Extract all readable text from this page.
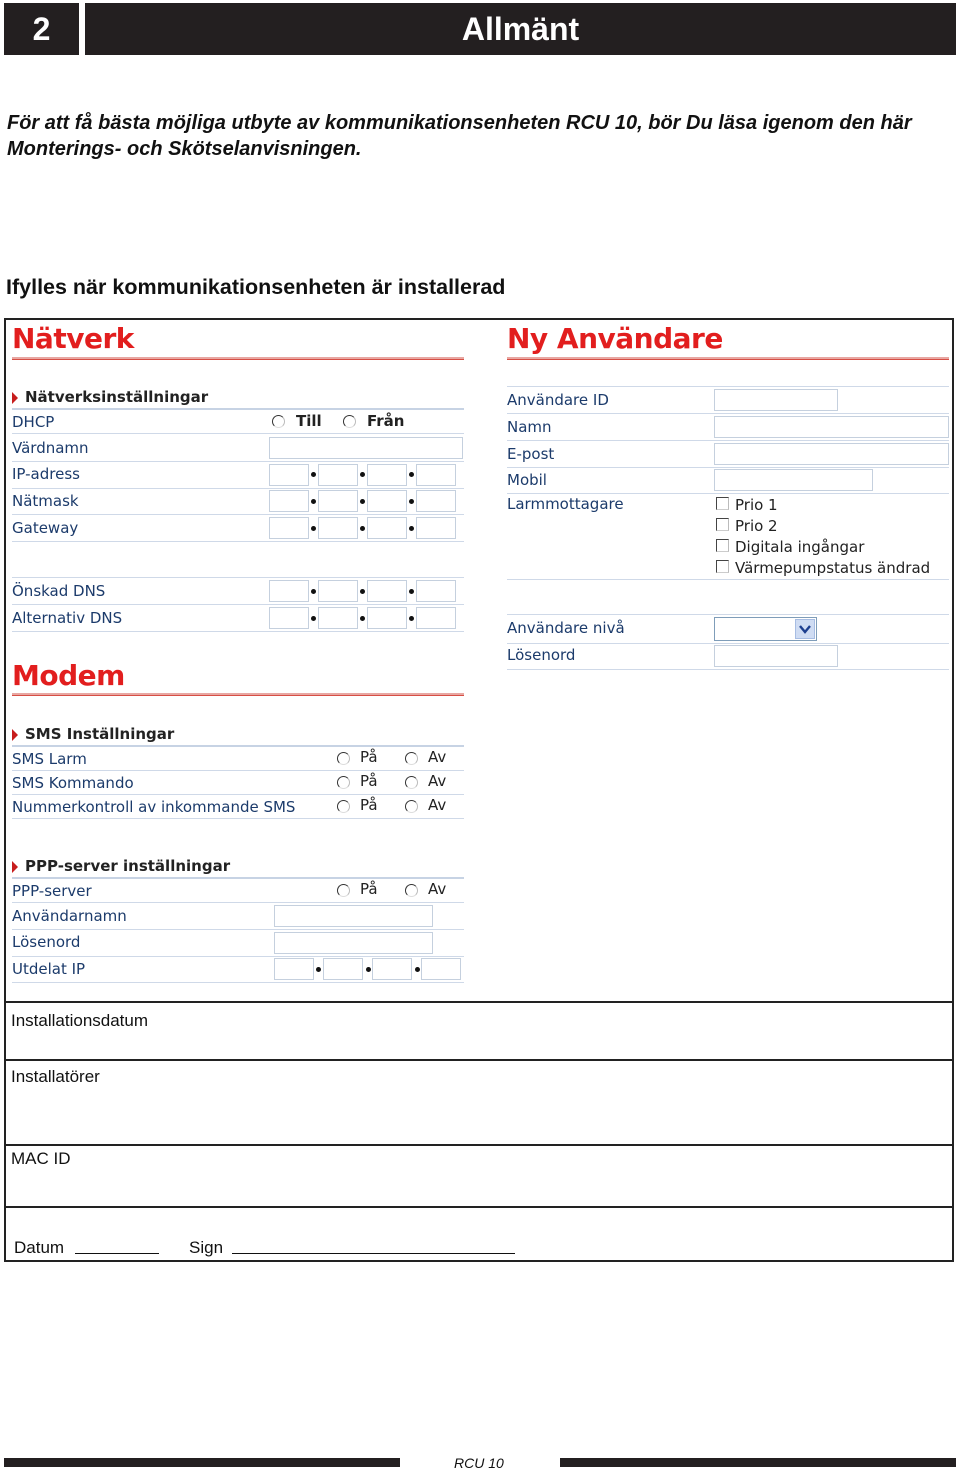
2	Allmänt
För att få bästa möjliga utbyte av kommunikationsenheten RCU 10, bör Du läsa igenom den här Monterings- och Skötselanvisningen.
Ifylles när kommunikationsenheten är installerad
Nätverk
Nätverksinställningar
DHCP	Till	Från
Värdnamn
IP-adress
Nätmask
Gateway
Önskad DNS
Alternativ DNS
Modem
SMS Inställningar
SMS Larm	På	Av
SMS Kommando	På	Av
Nummerkontroll av inkommande SMS	På	Av
PPP-server inställningar
PPP-server	På	Av
Användarnamn
Lösenord
Utdelat IP
Ny Användare
Användare ID
Namn
E-post
Mobil
Larmmottagare	Prio 1
Prio 2
Digitala ingångar
Värmepumpstatus ändrad
Användare nivå
Lösenord
Installationsdatum
Installatörer
MAC ID
Datum	Sign
RCU 10
